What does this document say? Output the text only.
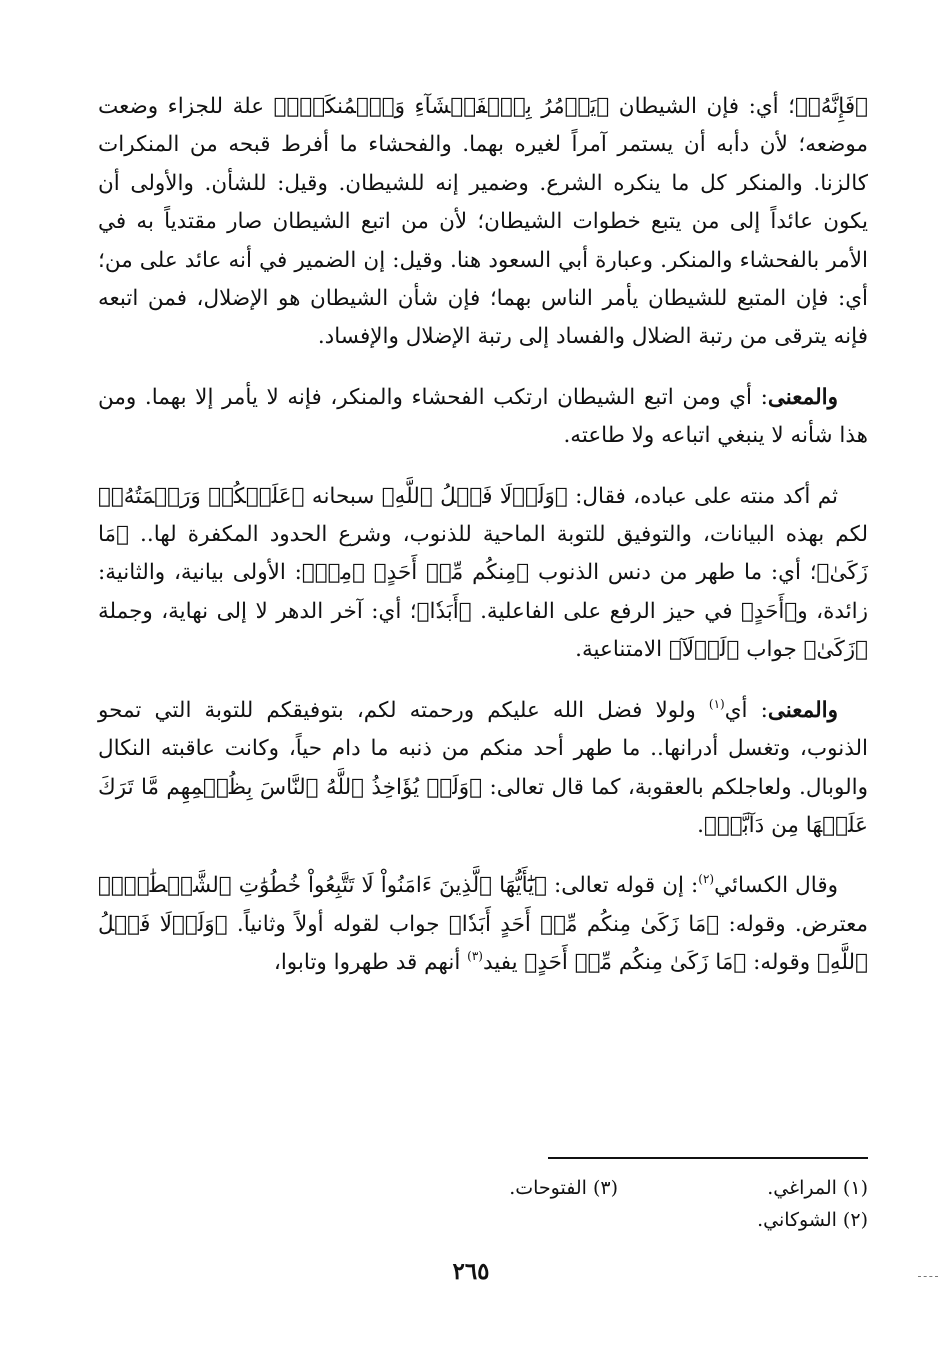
﴿فَإِنَّهُۥ﴾؛ أي: فإن الشيطان ﴿يَأۡمُرُ بِٱلۡفَحۡشَآءِ وَٱلۡمُنكَرِۚ﴾ علة للجزاء وضعت موضعه؛ لأن دأبه أن يستمر آمراً لغيره بهما. والفحشاء ما أفرط قبحه من المنكرات كالزنا. والمنكر كل ما ينكره الشرع. وضمير إنه للشيطان. وقيل: للشأن. والأولى أن يكون عائداً إلى من يتبع خطوات الشيطان؛ لأن من اتبع الشيطان صار مقتدياً به في الأمر بالفحشاء والمنكر. وعبارة أبي السعود هنا. وقيل: إن الضمير في أنه عائد على من؛ أي: فإن المتبع للشيطان يأمر الناس بهما؛ فإن شأن الشيطان هو الإضلال، فمن اتبعه فإنه يترقى من رتبة الضلال والفساد إلى رتبة الإضلال والإفساد.

والمعنى: أي ومن اتبع الشيطان ارتكب الفحشاء والمنكر، فإنه لا يأمر إلا بهما. ومن هذا شأنه لا ينبغي اتباعه ولا طاعته.

ثم أكد منته على عباده، فقال: ﴿وَلَوۡلَا فَضۡلُ ٱللَّهِ﴾ سبحانه ﴿عَلَيۡكُمۡ وَرَحۡمَتُهُۥ﴾ لكم بهذه البيانات، والتوفيق للتوبة الماحية للذنوب، وشرع الحدود المكفرة لها.. ﴿مَا زَكَىٰ﴾؛ أي: ما طهر من دنس الذنوب ﴿مِنكُم مِّنۡ أَحَدٍ﴾ ﴿مِنۡ﴾: الأولى بيانية، والثانية: زائدة، و﴿أَحَدٍ﴾ في حيز الرفع على الفاعلية. ﴿أَبَدٗا﴾؛ أي: آخر الدهر لا إلى نهاية، وجملة ﴿زَكَىٰ﴾ جواب ﴿لَوۡلَآ﴾ الامتناعية.

والمعنى: أي$^{(١)}$ ولولا فضل الله عليكم ورحمته لكم، بتوفيقكم للتوبة التي تمحو الذنوب، وتغسل أدرانها.. ما طهر أحد منكم من ذنبه ما دام حياً، وكانت عاقبته النكال والوبال. ولعاجلكم بالعقوبة، كما قال تعالى: ﴿وَلَوۡ يُؤَاخِذُ ٱللَّهُ ٱلنَّاسَ بِظُلۡمِهِم مَّا تَرَكَ عَلَيۡهَا مِن دَآبَّةٖ﴾.

وقال الكسائي$^{(٢)}$: إن قوله تعالى: ﴿يَٰٓأَيُّهَا ٱلَّذِينَ ءَامَنُواْ لَا تَتَّبِعُواْ خُطُوَٰتِ ٱلشَّيۡطَٰنِۚ﴾ معترض. وقوله: ﴿مَا زَكَىٰ مِنكُم مِّنۡ أَحَدٍ أَبَدٗا﴾ جواب لقوله أولاً وثانياً. ﴿وَلَوۡلَا فَضۡلُ ٱللَّهِ﴾ وقوله: ﴿مَا زَكَىٰ مِنكُم مِّنۡ أَحَدٍ﴾ يفيد$^{(٣)}$ أنهم قد طهروا وتابوا،

(١) المراغي.
(٣) الفتوحات.
(٢) الشوكاني.
٢٦٥
